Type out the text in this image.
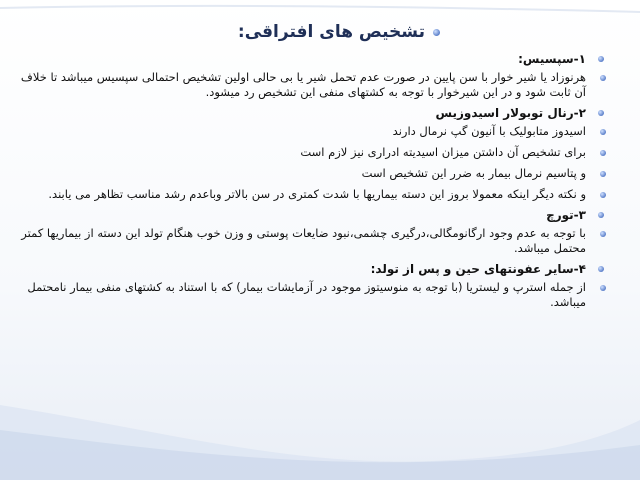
تشخیص های افتراقی:

۱-سپسیس:

هرنوزاد یا شیر خوار با سن پایین در صورت عدم تحمل شیر یا بی حالی اولین تشخیص احتمالی سپسیس میباشد تا خلاف آن ثابت شود و در این شیرخوار با توجه به کشتهای منفی این تشخیص رد میشود.

۲-رنال توبولار اسیدوزیس

اسیدوز متابولیک با آنیون گپ نرمال دارند

برای تشخیص آن داشتن میزان اسیدیته ادراری نیز لازم است

و پتاسیم نرمال بیمار به ضرر این تشخیص است

و نکته دیگر اینکه معمولا بروز این دسته بیماریها با شدت کمتری در سن بالاتر وباعدم رشد مناسب تظاهر می یابند.

۳-تورچ

با توجه به عدم وجود ارگانومگالی،درگیری چشمی،نبود ضایعات پوستی و وزن خوب هنگام تولد این دسته از بیماریها کمتر محتمل میباشد.

۴-سایر عفونتهای حین و پس از تولد:

از جمله استرپ و لیستریا (با توجه به منوسیتوز موجود در آزمایشات بیمار) که با استناد به کشتهای منفی بیمار نامحتمل میباشد.
